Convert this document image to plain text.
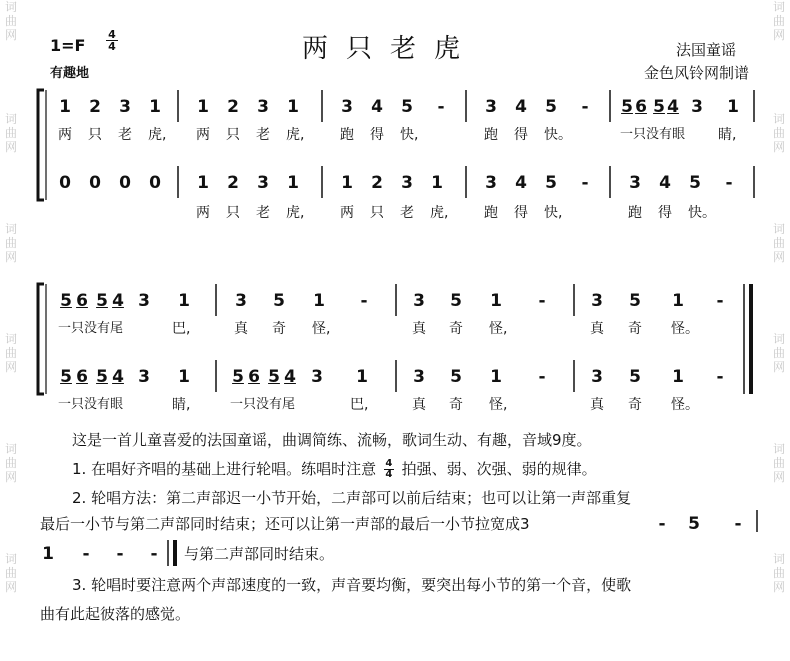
词
曲
网
词
曲
网
词
曲
网
词
曲
网
词
曲
网
词
曲
网
词
曲
网
词
曲
网
词
曲
网
词
曲
网
词
曲
网
词
曲
网
1=F
4
4
有趣地
两只老虎	法国童谣
金色风铃网制谱
1 2 3 1 1 2 3 1 3 4 5 - 3 4 5 - 5 6 5 4 3 1
两 只 老 虎, 两 只 老 虎,	跑 得 快,	跑 得 快。	一只没有眼 睛,
0 0 0 0 1 2 3 1 1 2 3 1 3 4 5 - 3 4 5 -
两 只 老 虎,	两 只 老 虎,	跑 得 快,	跑 得 快。
5 6 5 4 3 1	3 5 1 -	3 5 1 -	3 5 1 -
一只没有尾	巴,	真 奇 怪,	真 奇 怪,	真 奇 怪。
5 6 5 4 3 1 5 6 5 4 3 1	3 5 1 -	3 5 1 -
一只没有眼	睛,	一只没有尾	巴,	真 奇 怪,	真 奇 怪。
这是一首儿童喜爱的法国童谣，曲调简练、流畅，歌词生动、有趣，音域9度。
1. 在唱好齐唱的基础上进行轮唱。练唱时注意 $\frac{4}{4}$ 拍强、弱、次强、弱的规律。
2. 轮唱方法：第二声部迟一小节开始，二声部可以前后结束；也可以让第一声部重复
最后一小节与第二声部同时结束；还可以让第一声部的最后一小节拉宽成3	- 5 -
1 - - - 与第二声部同时结束。
3. 轮唱时要注意两个声部速度的一致，声音要均衡，要突出每小节的第一个音，使歌
曲有此起彼落的感觉。
